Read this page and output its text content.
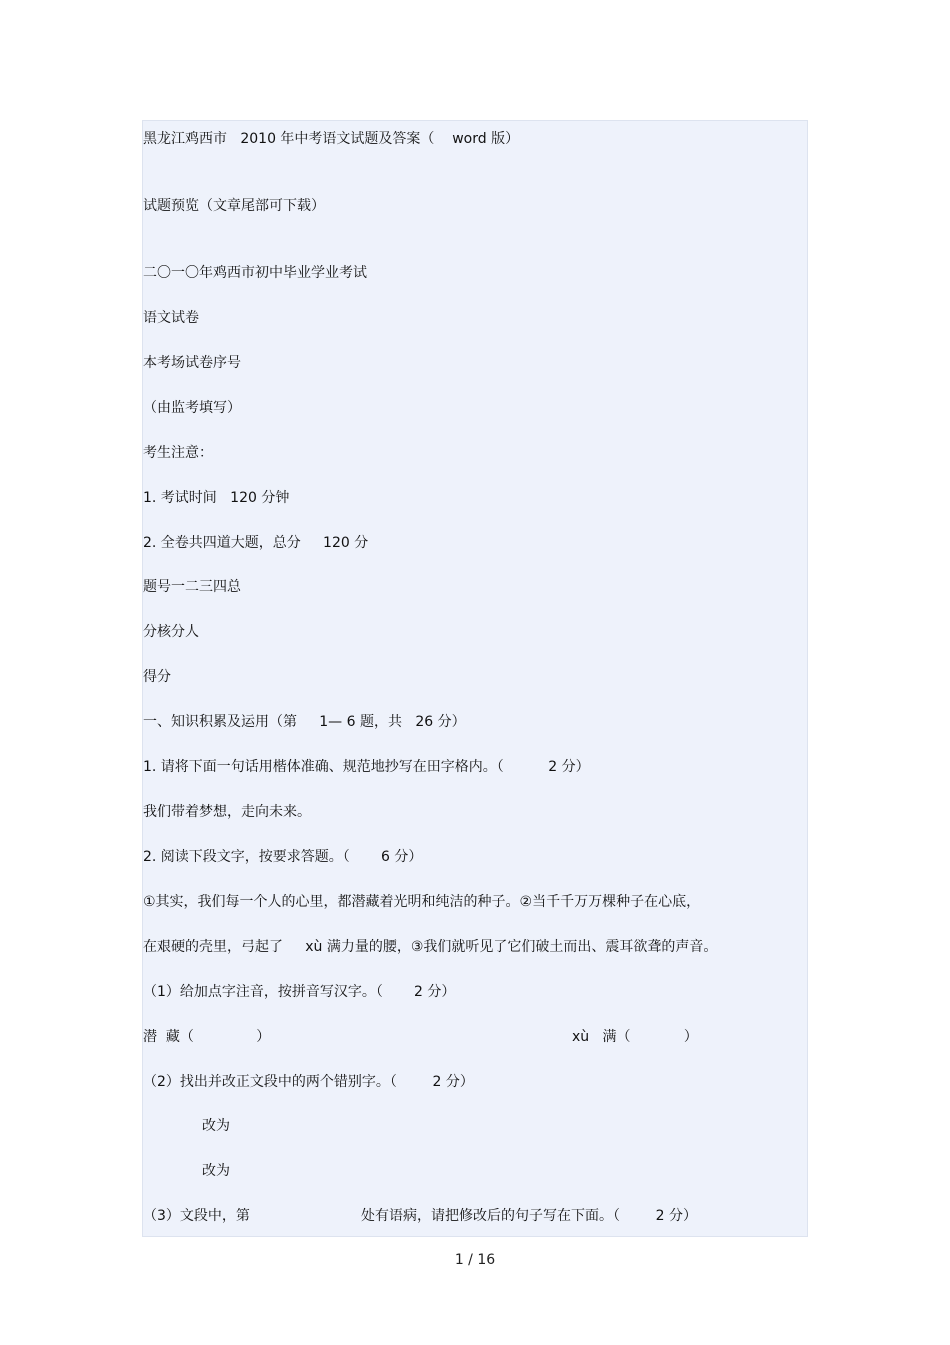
黑龙江鸡西市   2010 年中考语文试题及答案（    word 版）
试题预览（文章尾部可下载）
二〇一〇年鸡西市初中毕业学业考试
语文试卷
本考场试卷序号
（由监考填写）
考生注意：
1. 考试时间   120 分钟
2. 全卷共四道大题，总分     120 分
题号一二三四总
分核分人
得分
一、知识积累及运用（第     1— 6 题，共   26 分）
1. 请将下面一句话用楷体准确、规范地抄写在田字格内。（          2 分）
我们带着梦想，走向未来。
2. 阅读下段文字，按要求答题。（       6 分）
①其实，我们每一个人的心里，都潜藏着光明和纯洁的种子。②当千千万万棵种子在心底，
在艰硬的壳里，弓起了     xù 满力量的腰，③我们就听见了它们破土而出、震耳欲聋的声音。
（1）给加点字注音，按拼音写汉字。（       2 分）
潜  藏（              ）	xù   满（            ）
（2）找出并改正文段中的两个错别字。（        2 分）
改为
改为
（3）文段中，第	处有语病，请把修改后的句子写在下面。（        2 分）
1 / 16
